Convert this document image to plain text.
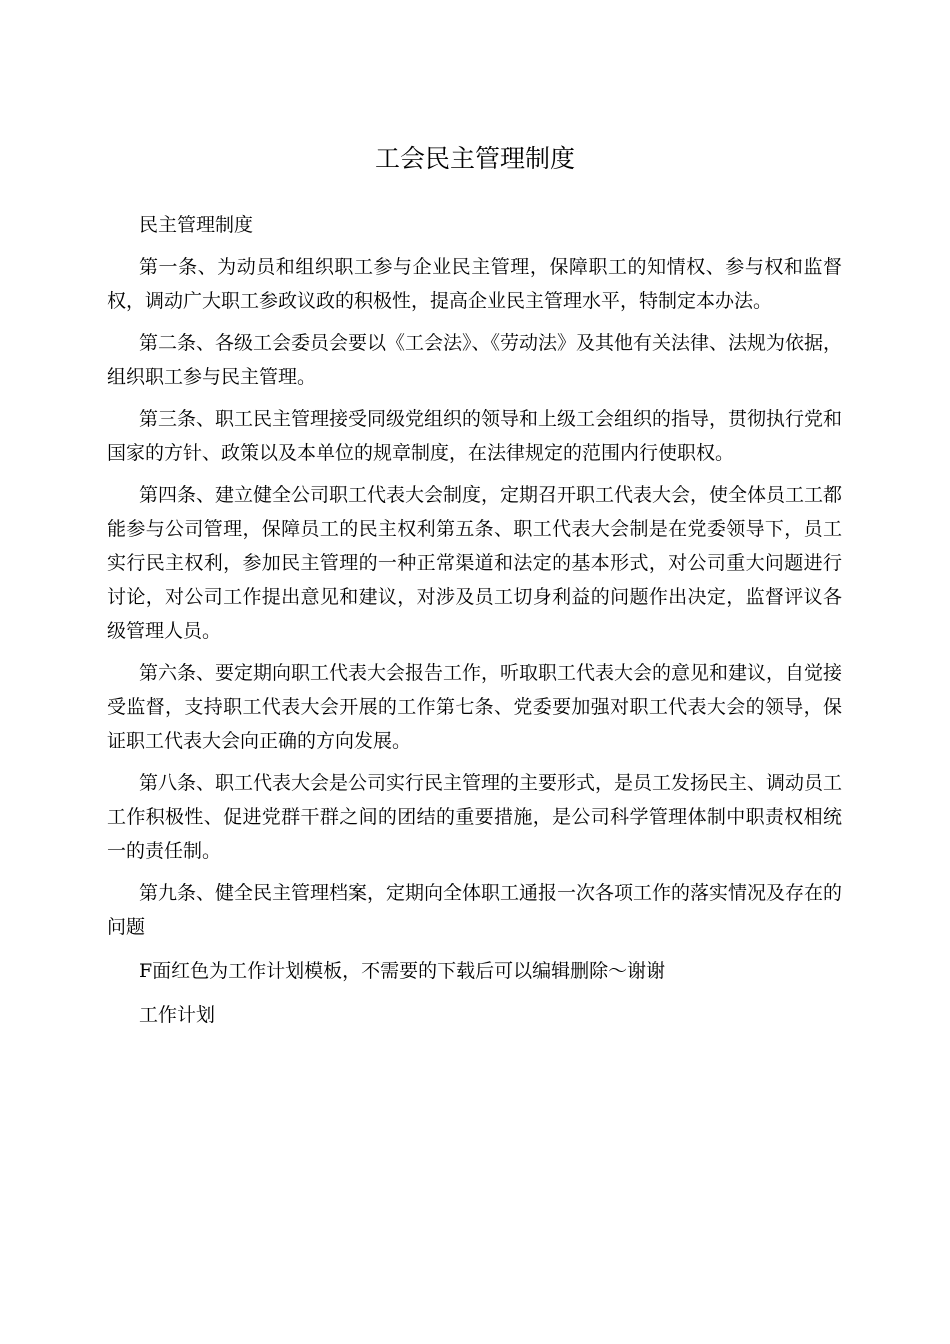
工会民主管理制度

民主管理制度

第一条、为动员和组织职工参与企业民主管理，保障职工的知情权、参与权和监督权，调动广大职工参政议政的积极性，提高企业民主管理水平，特制定本办法。

第二条、各级工会委员会要以《工会法》、《劳动法》及其他有关法律、法规为依据，组织职工参与民主管理。

第三条、职工民主管理接受同级党组织的领导和上级工会组织的指导，贯彻执行党和国家的方针、政策以及本单位的规章制度，在法律规定的范围内行使职权。

第四条、建立健全公司职工代表大会制度，定期召开职工代表大会，使全体员工工都能参与公司管理，保障员工的民主权利第五条、职工代表大会制是在党委领导下，员工实行民主权利，参加民主管理的一种正常渠道和法定的基本形式，对公司重大问题进行讨论，对公司工作提出意见和建议，对涉及员工切身利益的问题作出决定，监督评议各级管理人员。

第六条、要定期向职工代表大会报告工作，听取职工代表大会的意见和建议，自觉接受监督，支持职工代表大会开展的工作第七条、党委要加强对职工代表大会的领导，保证职工代表大会向正确的方向发展。

第八条、职工代表大会是公司实行民主管理的主要形式，是员工发扬民主、调动员工工作积极性、促进党群干群之间的团结的重要措施，是公司科学管理体制中职责权相统一的责任制。

第九条、健全民主管理档案，定期向全体职工通报一次各项工作的落实情况及存在的问题

F面红色为工作计划模板，不需要的下载后可以编辑删除〜谢谢

工作计划
